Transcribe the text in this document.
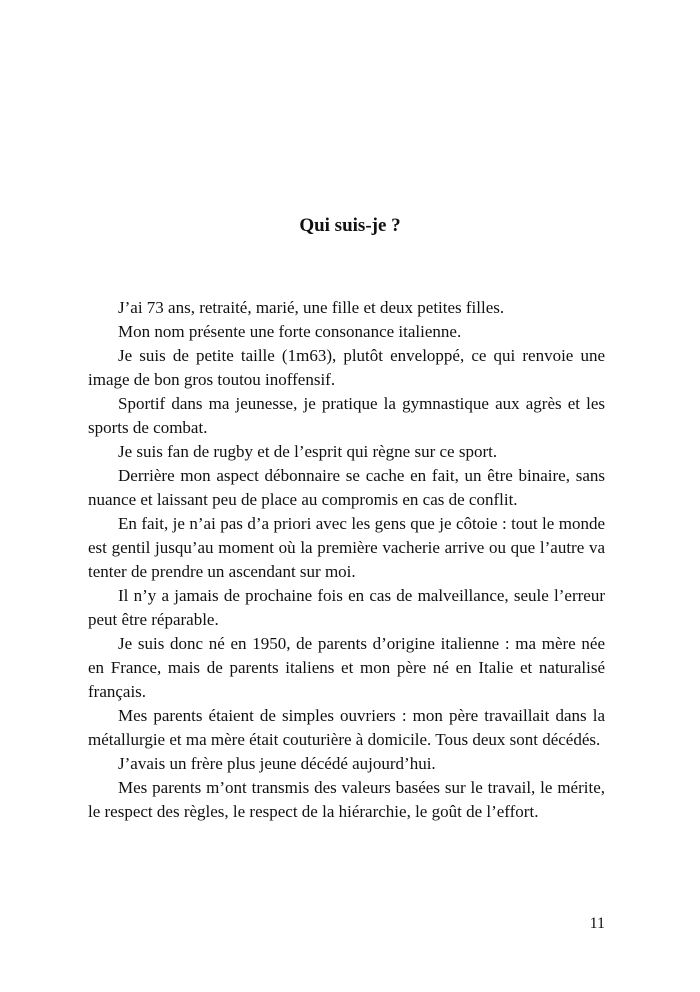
Qui suis-je ?

J’ai 73 ans, retraité, marié, une fille et deux petites filles.

Mon nom présente une forte consonance italienne.

Je suis de petite taille (1m63), plutôt enveloppé, ce qui renvoie une image de bon gros toutou inoffensif.

Sportif dans ma jeunesse, je pratique la gymnastique aux agrès et les sports de combat.

Je suis fan de rugby et de l’esprit qui règne sur ce sport.

Derrière mon aspect débonnaire se cache en fait, un être binaire, sans nuance et laissant peu de place au compromis en cas de conflit.

En fait, je n’ai pas d’a priori avec les gens que je côtoie : tout le monde est gentil jusqu’au moment où la première vacherie arrive ou que l’autre va tenter de prendre un ascendant sur moi.

Il n’y a jamais de prochaine fois en cas de malveillance, seule l’erreur peut être réparable.

Je suis donc né en 1950, de parents d’origine italienne : ma mère née en France, mais de parents italiens et mon père né en Italie et naturalisé français.

Mes parents étaient de simples ouvriers : mon père travaillait dans la métallurgie et ma mère était couturière à domicile. Tous deux sont décédés.

J’avais un frère plus jeune décédé aujourd’hui.

Mes parents m’ont transmis des valeurs basées sur le travail, le mérite, le respect des règles, le respect de la hiérarchie, le goût de l’effort.

11
